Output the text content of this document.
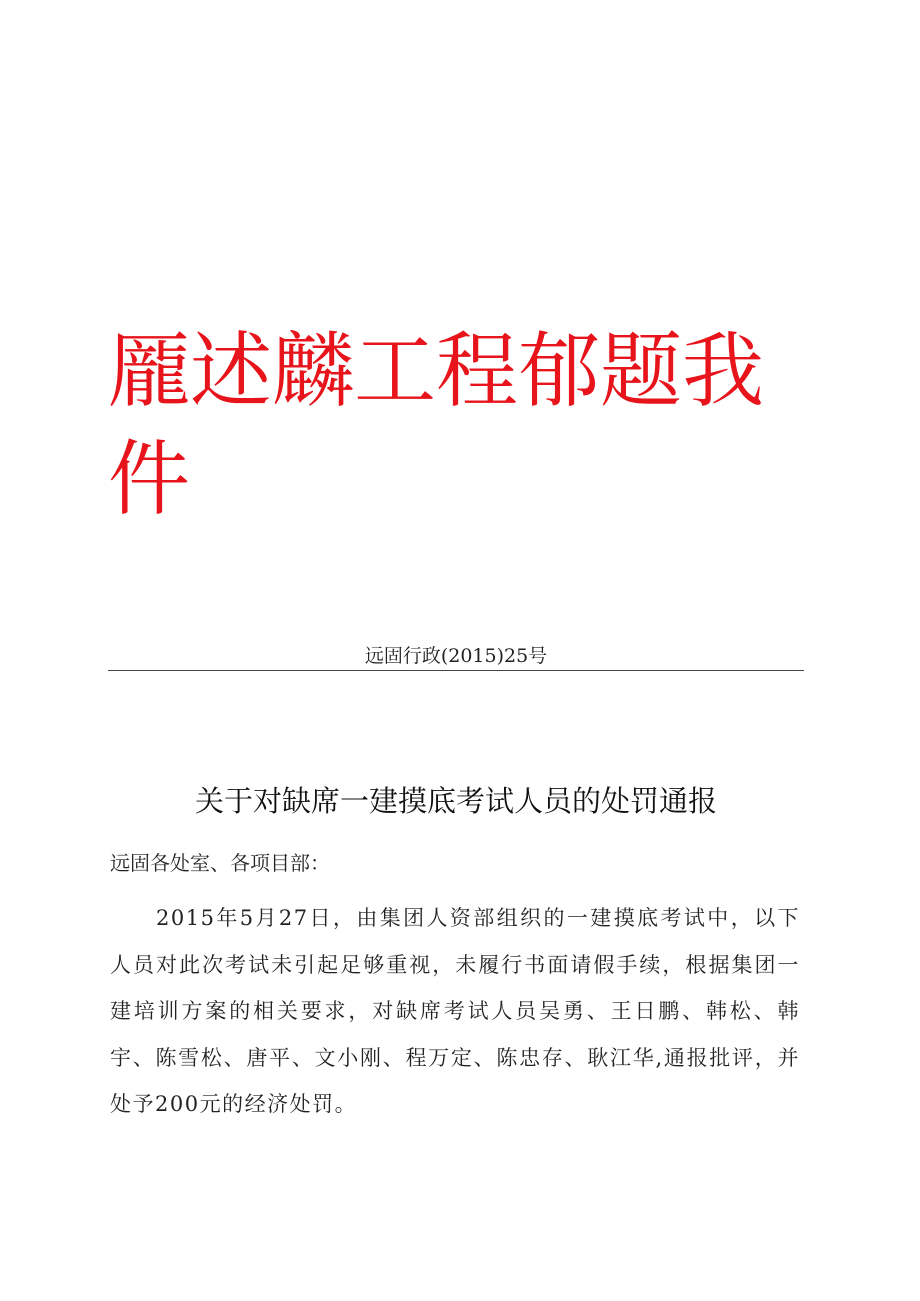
龎述麟工程郁题我件

远固行政(2015)25号

关于对缺席一建摸底考试人员的处罚通报

远固各处室、各项目部：

2015年5月27日，由集团人资部组织的一建摸底考试中，以下人员对此次考试未引起足够重视，未履行书面请假手续，根据集团一建培训方案的相关要求，对缺席考试人员吴勇、王日鹏、韩松、韩宇、陈雪松、唐平、文小刚、程万定、陈忠存、耿江华,通报批评，并处予200元的经济处罚。
